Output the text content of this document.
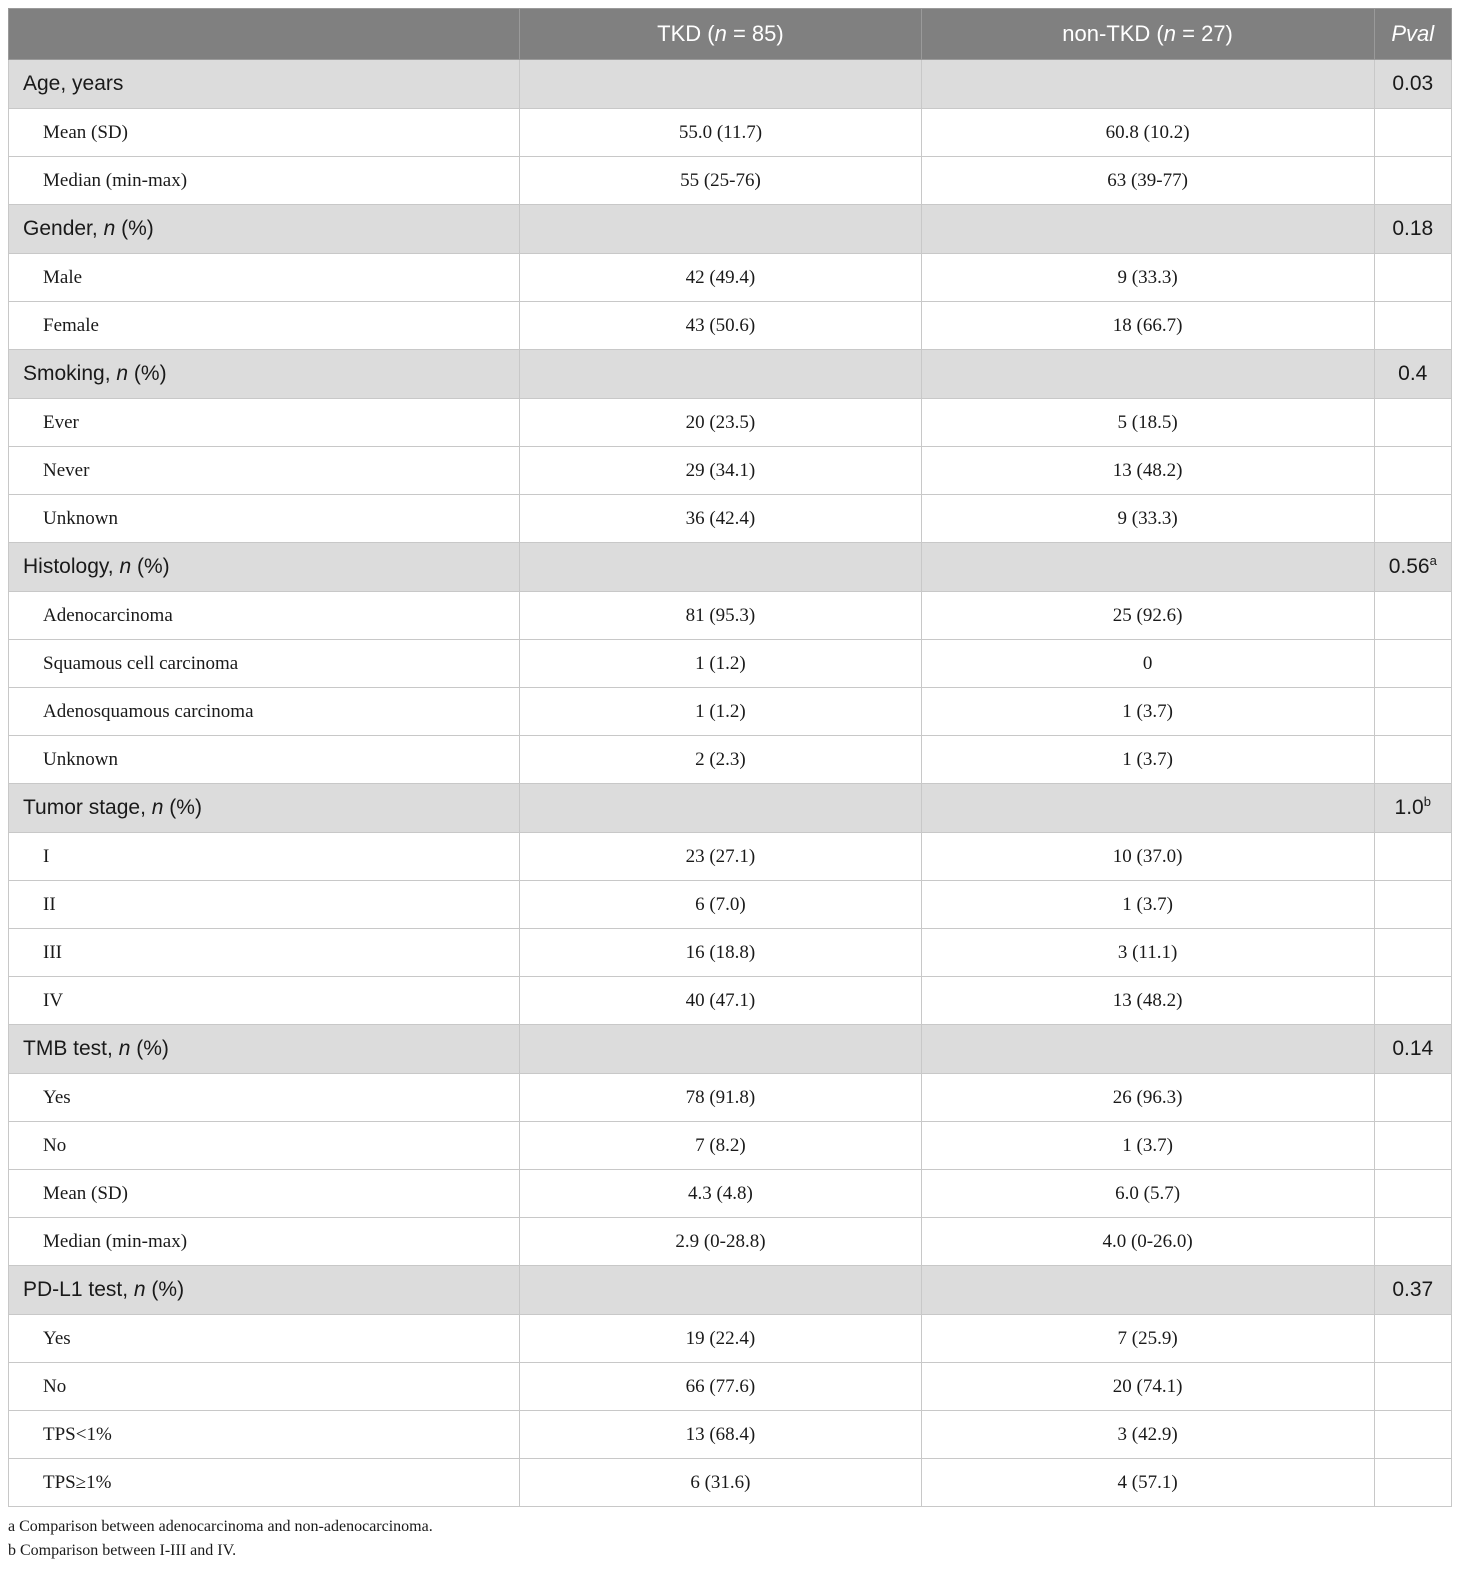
	TKD (n = 85)	non-TKD (n = 27)	Pval
Age, years			0.03
Mean (SD)	55.0 (11.7)	60.8 (10.2)	
Median (min-max)	55 (25-76)	63 (39-77)	
Gender, n (%)			0.18
Male	42 (49.4)	9 (33.3)	
Female	43 (50.6)	18 (66.7)	
Smoking, n (%)			0.4
Ever	20 (23.5)	5 (18.5)	
Never	29 (34.1)	13 (48.2)	
Unknown	36 (42.4)	9 (33.3)	
Histology, n (%)			0.56$^a$
Adenocarcinoma	81 (95.3)	25 (92.6)	
Squamous cell carcinoma	1 (1.2)	0	
Adenosquamous carcinoma	1 (1.2)	1 (3.7)	
Unknown	2 (2.3)	1 (3.7)	
Tumor stage, n (%)			1.0$^b$
I	23 (27.1)	10 (37.0)	
II	6 (7.0)	1 (3.7)	
III	16 (18.8)	3 (11.1)	
IV	40 (47.1)	13 (48.2)	
TMB test, n (%)			0.14
Yes	78 (91.8)	26 (96.3)	
No	7 (8.2)	1 (3.7)	
Mean (SD)	4.3 (4.8)	6.0 (5.7)	
Median (min-max)	2.9 (0-28.8)	4.0 (0-26.0)	
PD-L1 test, n (%)			0.37
Yes	19 (22.4)	7 (25.9)	
No	66 (77.6)	20 (74.1)	
TPS<1%	13 (68.4)	3 (42.9)	
TPS≥1%	6 (31.6)	4 (57.1)	
a Comparison between adenocarcinoma and non-adenocarcinoma.
b Comparison between I-III and IV.
